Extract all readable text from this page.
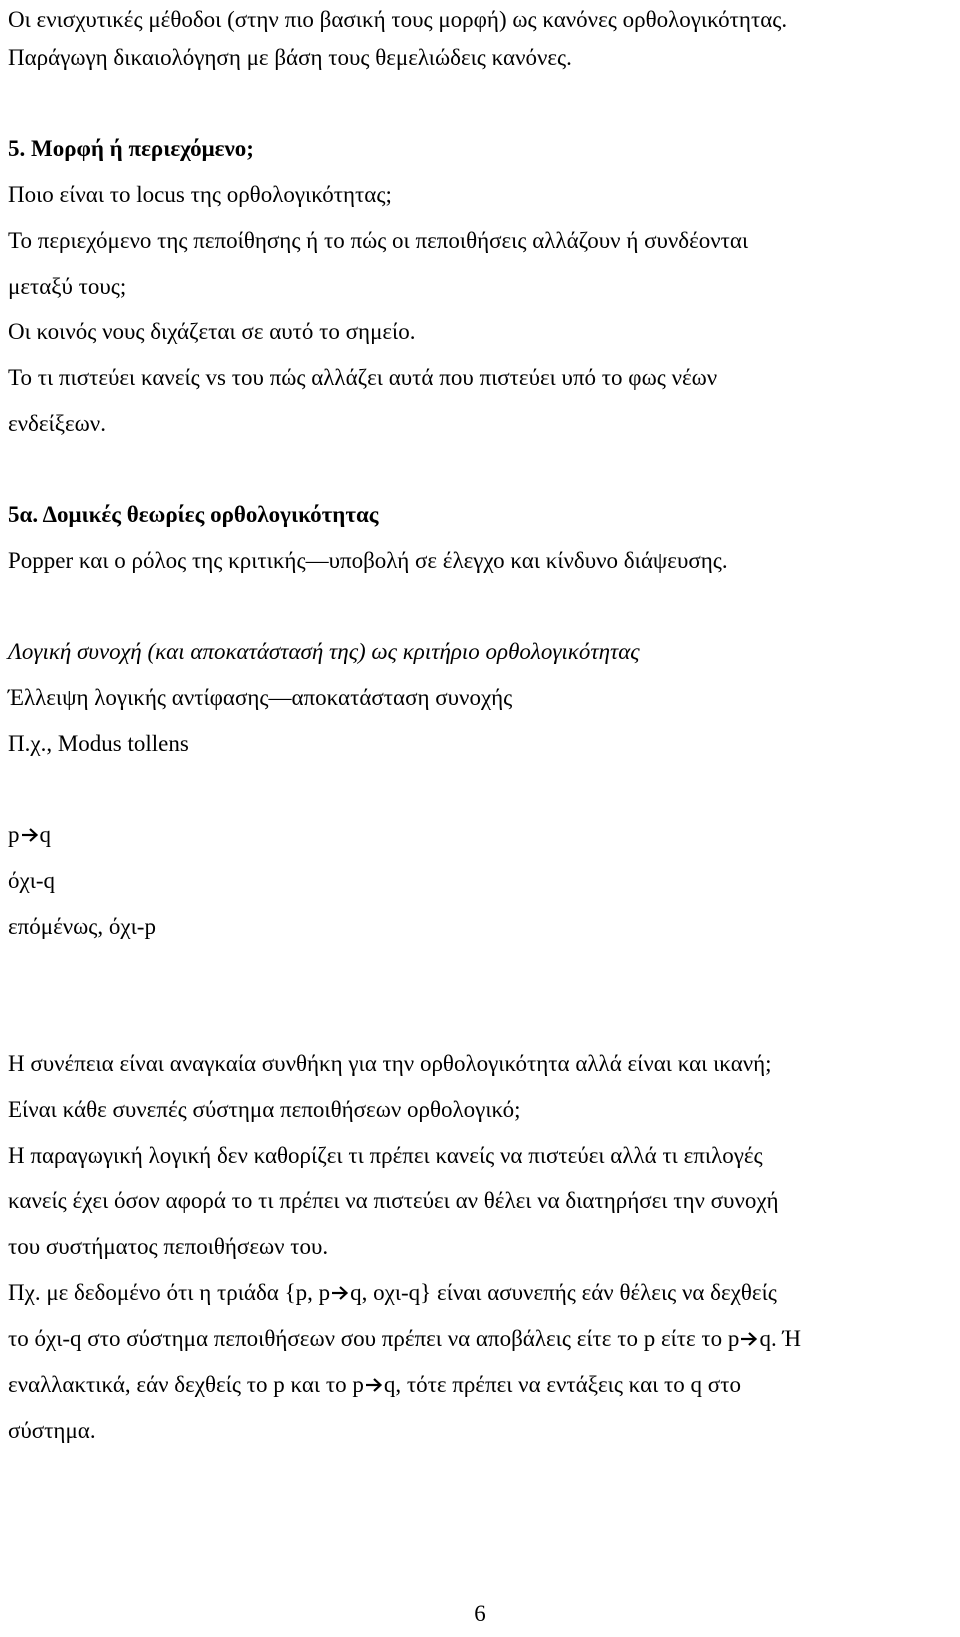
Οι ενισχυτικές μέθοδοι (στην πιο βασική τους μορφή) ως κανόνες ορθολογικότητας.
Παράγωγη δικαιολόγηση με βάση τους θεμελιώδεις κανόνες.
5. Μορφή ή περιεχόμενο;
Ποιο είναι το locus της ορθολογικότητας;
Το περιεχόμενο της πεποίθησης ή το πώς οι πεποιθήσεις αλλάζουν ή συνδέονται
μεταξύ τους;
Οι κοινός νους διχάζεται σε αυτό το σημείο.
Το τι πιστεύει κανείς vs του πώς αλλάζει αυτά που πιστεύει υπό το φως νέων
ενδείξεων.
5α. Δομικές θεωρίες ορθολογικότητας
Popper και ο ρόλος της κριτικής—υποβολή σε έλεγχο και κίνδυνο διάψευσης.
Λογική συνοχή (και αποκατάστασή της) ως κριτήριο ορθολογικότητας
Έλλειψη λογικής αντίφασης—αποκατάσταση συνοχής
Π.χ., Modus tollens
p q
όχι-q
επόμένως, όχι-p
Η συνέπεια είναι αναγκαία συνθήκη για την ορθολογικότητα αλλά είναι και ικανή;
Είναι κάθε συνεπές σύστημα πεποιθήσεων ορθολογικό;
Η παραγωγική λογική δεν καθορίζει τι πρέπει κανείς να πιστεύει αλλά τι επιλογές
κανείς έχει όσον αφορά το τι πρέπει να πιστεύει αν θέλει να διατηρήσει την συνοχή
του συστήματος πεποιθήσεων του.
Πχ. με δεδομένο ότι η τριάδα {p, p q, οχι-q} είναι ασυνεπής εάν θέλεις να δεχθείς
το όχι-q στο σύστημα πεποιθήσεων σου πρέπει να αποβάλεις είτε το p είτε το p q. Ή
εναλλακτικά, εάν δεχθείς το p και το p q, τότε πρέπει να εντάξεις και το q στο
σύστημα.
6
